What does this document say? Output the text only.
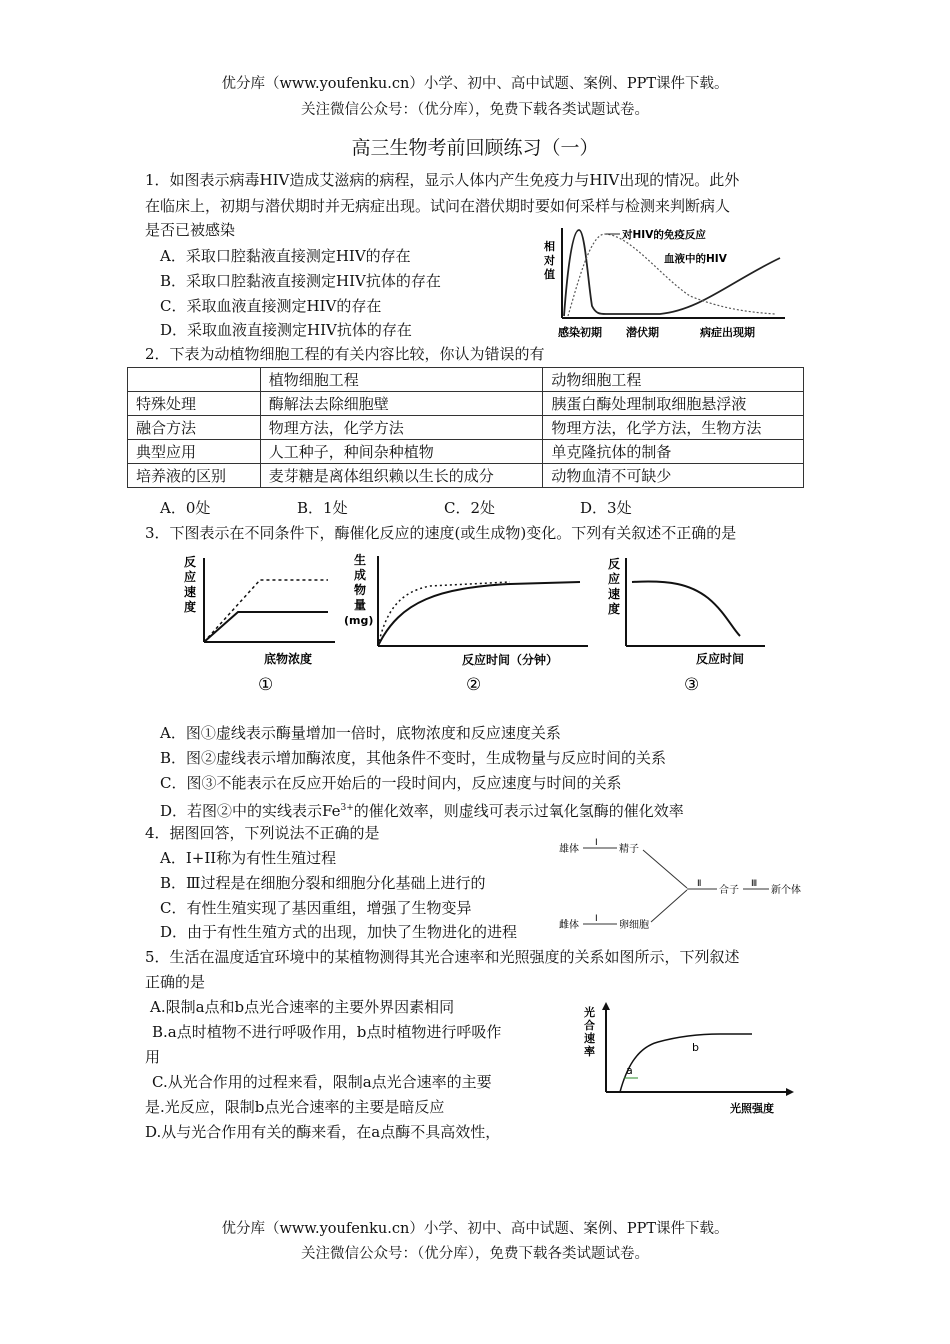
优分库（www.youfenku.cn）小学、初中、高中试题、案例、PPT课件下载。
关注微信公众号：（优分库），免费下载各类试题试卷。
高三生物考前回顾练习（一）
1．如图表示病毒HIV造成艾滋病的病程，显示人体内产生免疫力与HIV出现的情况。此外
在临床上，初期与潜伏期时并无病症出现。试问在潜伏期时要如何采样与检测来判断病人
是否已被感染
A．采取口腔黏液直接测定HIV的存在
B．采取口腔黏液直接测定HIV抗体的存在
C．采取血液直接测定HIV的存在
D．采取血液直接测定HIV抗体的存在
相
对
值
对HIV的免疫反应
血液中的HIV
感染初期 潜伏期	病症出现期
2．下表为动植物细胞工程的有关内容比较，你认为错误的有
	植物细胞工程	动物细胞工程
特殊处理	酶解法去除细胞壁	胰蛋白酶处理制取细胞悬浮液
融合方法	物理方法，化学方法	物理方法，化学方法，生物方法
典型应用	人工种子，种间杂种植物	单克隆抗体的制备
培养液的区别	麦芽糖是离体组织赖以生长的成分	动物血清不可缺少
A．0处	B．1处	C．2处	D．3处
3．下图表示在不同条件下，酶催化反应的速度(或生成物)变化。下列有关叙述不正确的是
反
应
速
度
底物浓度
①
生
成
物
量
(mg)
反应时间（分钟）
②
反
应
速
度
反应时间
③
A．图①虚线表示酶量增加一倍时，底物浓度和反应速度关系
B．图②虚线表示增加酶浓度，其他条件不变时，生成物量与反应时间的关系
C．图③不能表示在反应开始后的一段时间内，反应速度与时间的关系
D．若图②中的实线表示$Fe^{3+}$的催化效率，则虚线可表示过氧化氢酶的催化效率
4．据图回答，下列说法不正确的是
A．I+II称为有性生殖过程
B．Ⅲ过程是在细胞分裂和细胞分化基础上进行的
C．有性生殖实现了基因重组，增强了生物变异
D．由于有性生殖方式的出现，加快了生物进化的进程
雄体
I
精子
雌体
I
卵细胞
Ⅱ
合子
Ⅲ
新个体
5．生活在温度适宜环境中的某植物测得其光合速率和光照强度的关系如图所示，下列叙述
正确的是
A.限制a点和b点光合速率的主要外界因素相同
B.a点时植物不进行呼吸作用，b点时植物进行呼吸作
用
C.从光合作用的过程来看，限制a点光合速率的主要
是.光反应，限制b点光合速率的主要是暗反应
D.从与光合作用有关的酶来看，在a点酶不具高效性，
光
合
速
率
a
b
光照强度
优分库（www.youfenku.cn）小学、初中、高中试题、案例、PPT课件下载。
关注微信公众号：（优分库），免费下载各类试题试卷。
